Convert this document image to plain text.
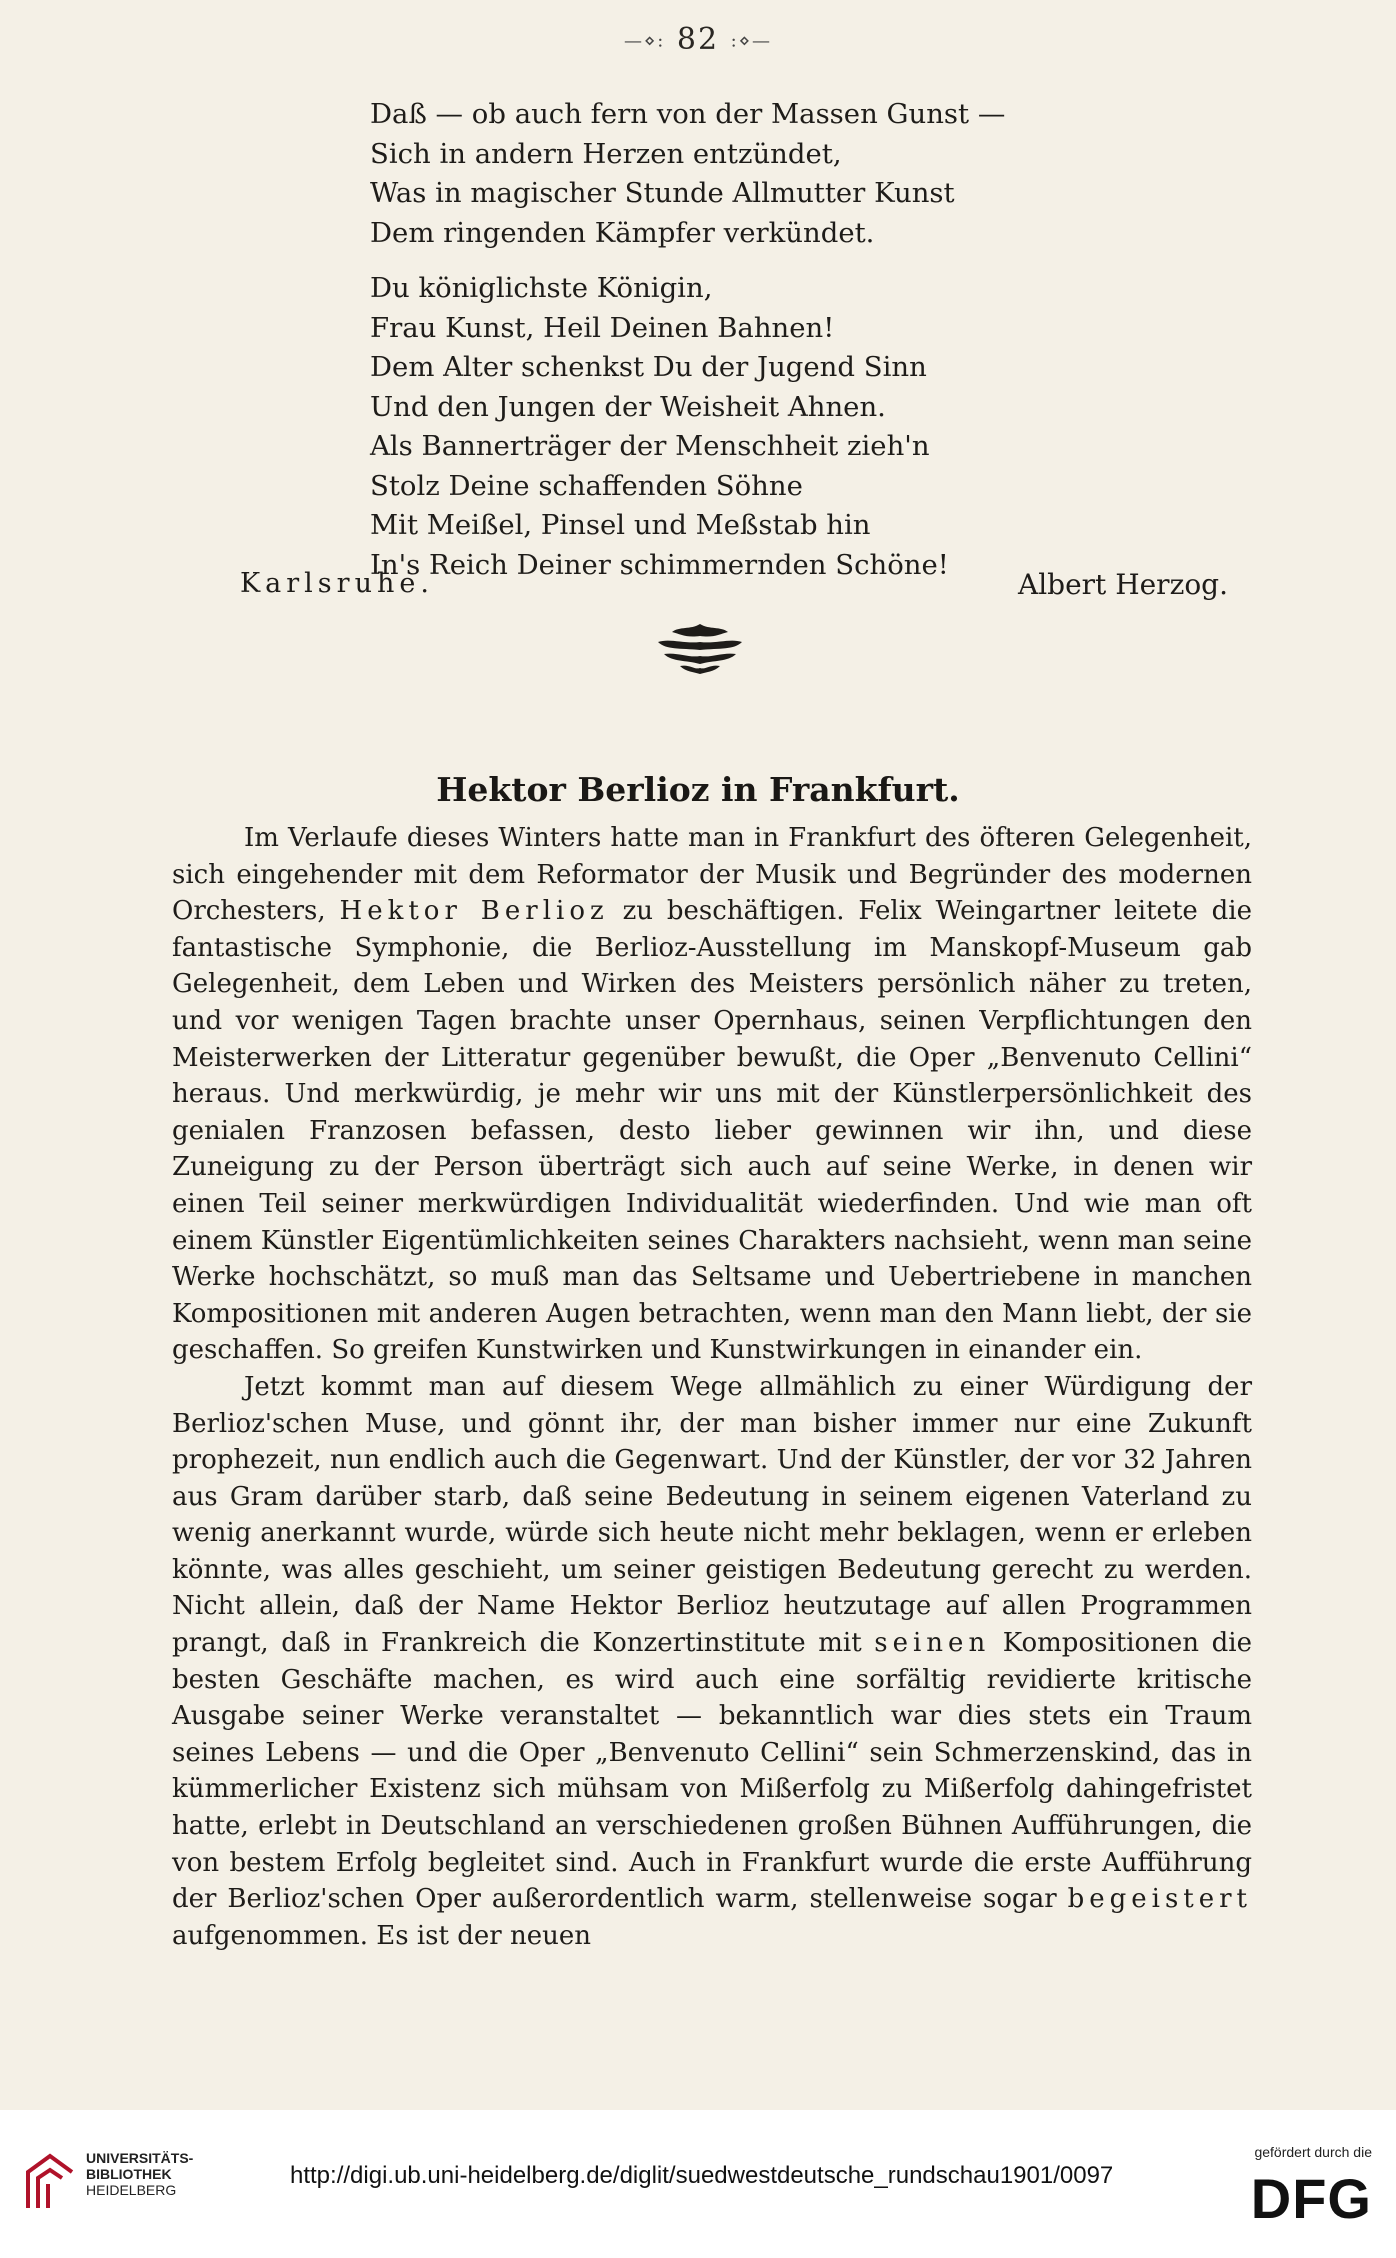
—⋄: 82 :⋄—
Daß — ob auch fern von der Massen Gunst —
Sich in andern Herzen entzündet,
Was in magischer Stunde Allmutter Kunst
Dem ringenden Kämpfer verkündet.
Du königlichste Königin,
Frau Kunst, Heil Deinen Bahnen!
Dem Alter schenkst Du der Jugend Sinn
Und den Jungen der Weisheit Ahnen.
Als Bannerträger der Menschheit zieh'n
Stolz Deine schaffenden Söhne
Mit Meißel, Pinsel und Meßstab hin
In's Reich Deiner schimmernden Schöne!
Karlsruhe.	Albert Herzog.
Hektor Berlioz in Frankfurt.

Im Verlaufe dieses Winters hatte man in Frankfurt des öfteren Gelegenheit, sich eingehender mit dem Reformator der Musik und Begründer des modernen Orchesters, Hektor Berlioz zu beschäftigen. Felix Weingartner leitete die fantastische Symphonie, die Berlioz-Ausstellung im Manskopf-Museum gab Gelegenheit, dem Leben und Wirken des Meisters persönlich näher zu treten, und vor wenigen Tagen brachte unser Opernhaus, seinen Verpflichtungen den Meisterwerken der Litteratur gegenüber bewußt, die Oper „Benvenuto Cellini“ heraus. Und merkwürdig, je mehr wir uns mit der Künstlerpersönlichkeit des genialen Franzosen befassen, desto lieber gewinnen wir ihn, und diese Zuneigung zu der Person überträgt sich auch auf seine Werke, in denen wir einen Teil seiner merkwürdigen Individualität wiederfinden. Und wie man oft einem Künstler Eigentümlichkeiten seines Charakters nachsieht, wenn man seine Werke hochschätzt, so muß man das Seltsame und Uebertriebene in manchen Kompositionen mit anderen Augen betrachten, wenn man den Mann liebt, der sie geschaffen. So greifen Kunstwirken und Kunstwirkungen in einander ein.

Jetzt kommt man auf diesem Wege allmählich zu einer Würdigung der Berlioz'schen Muse, und gönnt ihr, der man bisher immer nur eine Zukunft prophezeit, nun endlich auch die Gegenwart. Und der Künstler, der vor 32 Jahren aus Gram darüber starb, daß seine Bedeutung in seinem eigenen Vaterland zu wenig anerkannt wurde, würde sich heute nicht mehr beklagen, wenn er erleben könnte, was alles geschieht, um seiner geistigen Bedeutung gerecht zu werden. Nicht allein, daß der Name Hektor Berlioz heutzutage auf allen Programmen prangt, daß in Frankreich die Konzertinstitute mit seinen Kompositionen die besten Geschäfte machen, es wird auch eine sorfältig revidierte kritische Ausgabe seiner Werke veranstaltet — bekanntlich war dies stets ein Traum seines Lebens — und die Oper „Benvenuto Cellini“ sein Schmerzenskind, das in kümmerlicher Existenz sich mühsam von Mißerfolg zu Mißerfolg dahingefristet hatte, erlebt in Deutschland an verschiedenen großen Bühnen Aufführungen, die von bestem Erfolg begleitet sind. Auch in Frankfurt wurde die erste Aufführung der Berlioz'schen Oper außerordentlich warm, stellenweise sogar begeistert aufgenommen. Es ist der neuen

UNIVERSITÄTS-
BIBLIOTHEK
HEIDELBERG
http://digi.ub.uni-heidelberg.de/diglit/suedwestdeutsche_rundschau1901/0097
gefördert durch die
DFG
